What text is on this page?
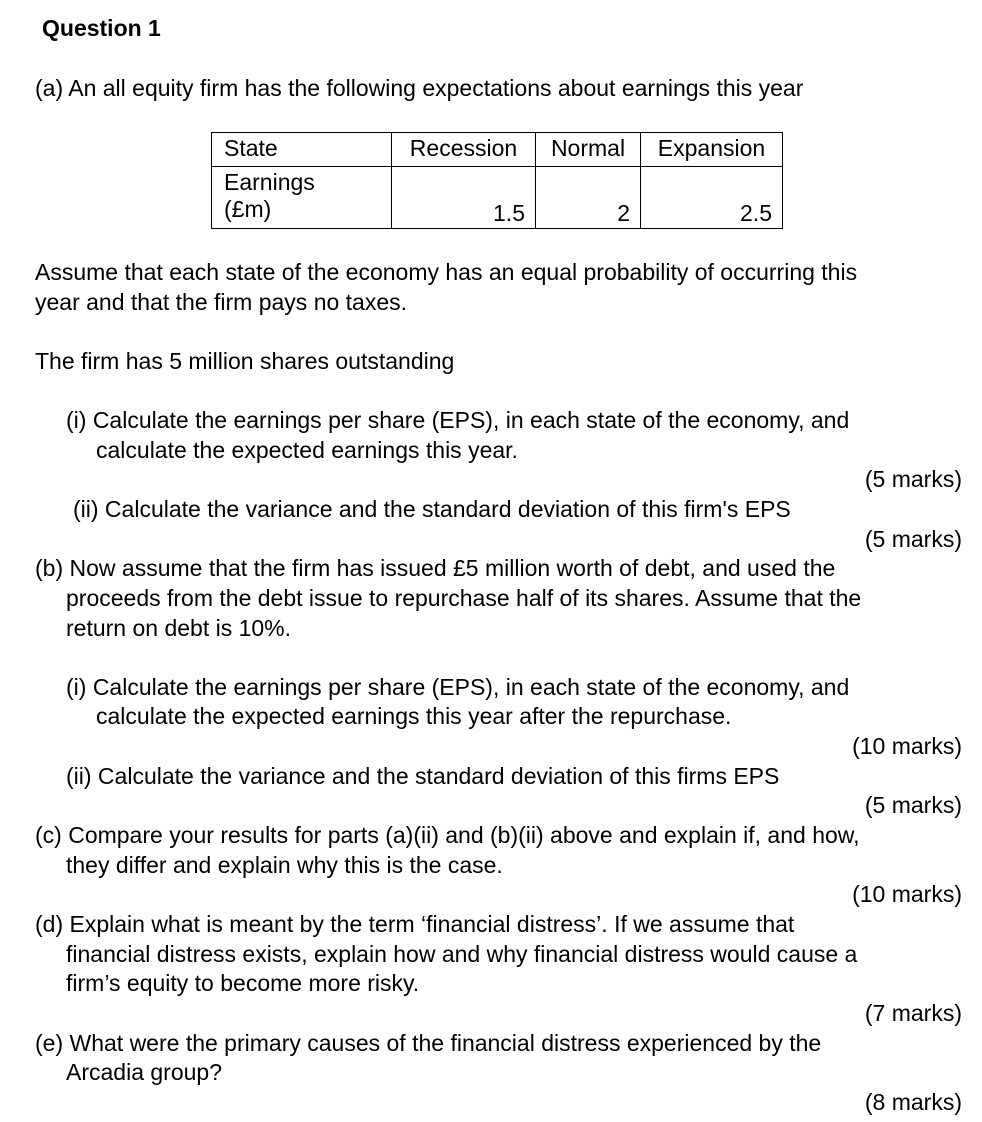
Question 1
(a) An all equity firm has the following expectations about earnings this year
State	Recession	Normal	Expansion

Earnings
(£m)	1.5	2	2.5
Assume that each state of the economy has an equal probability of occurring this
year and that the firm pays no taxes.
The firm has 5 million shares outstanding
(i) Calculate the earnings per share (EPS), in each state of the economy, and
calculate the expected earnings this year.
(5 marks)
(ii) Calculate the variance and the standard deviation of this firm's EPS
(5 marks)
(b) Now assume that the firm has issued £5 million worth of debt, and used the
proceeds from the debt issue to repurchase half of its shares. Assume that the
return on debt is 10%.
(i) Calculate the earnings per share (EPS), in each state of the economy, and
calculate the expected earnings this year after the repurchase.
(10 marks)
(ii) Calculate the variance and the standard deviation of this firms EPS
(5 marks)
(c) Compare your results for parts (a)(ii) and (b)(ii) above and explain if, and how,
they differ and explain why this is the case.
(10 marks)
(d) Explain what is meant by the term ‘financial distress’. If we assume that
financial distress exists, explain how and why financial distress would cause a
firm’s equity to become more risky.
(7 marks)
(e) What were the primary causes of the financial distress experienced by the
Arcadia group?
(8 marks)
